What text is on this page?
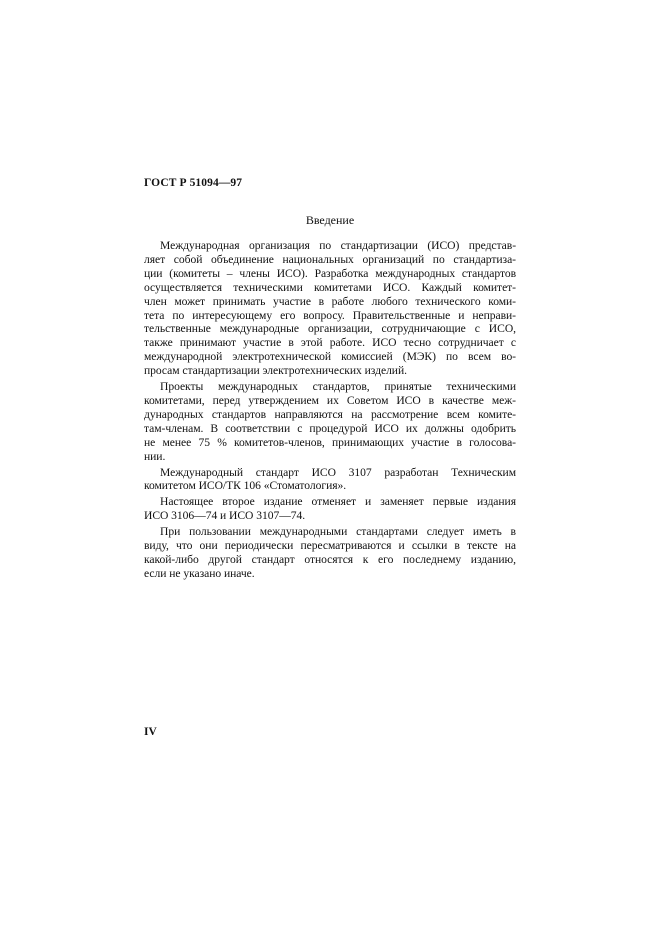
ГОСТ Р 51094—97
Введение

Международная организация по стандартизации (ИСО) представ-
ляет собой объединение национальных организаций по стандартиза-
ции (комитеты – члены ИСО). Разработка международных стандартов
осуществляется техническими комитетами ИСО. Каждый комитет-
член может принимать участие в работе любого технического коми-
тета по интересующему его вопросу. Правительственные и неправи-
тельственные международные организации, сотрудничающие с ИСО,
также принимают участие в этой работе. ИСО тесно сотрудничает с
международной электротехнической комиссией (МЭК) по всем во-
просам стандартизации электротехнических изделий.

Проекты международных стандартов, принятые техническими
комитетами, перед утверждением их Советом ИСО в качестве меж-
дународных стандартов направляются на рассмотрение всем комите-
там-членам. В соответствии с процедурой ИСО их должны одобрить
не менее 75 % комитетов-членов, принимающих участие в голосова-
нии.

Международный стандарт ИСО 3107 разработан Техническим
комитетом ИСО/ТК 106 «Стоматология».

Настоящее второе издание отменяет и заменяет первые издания
ИСО 3106—74 и ИСО 3107—74.

При пользовании международными стандартами следует иметь в
виду, что они периодически пересматриваются и ссылки в тексте на
какой-либо другой стандарт относятся к его последнему изданию,
если не указано иначе.

IV
